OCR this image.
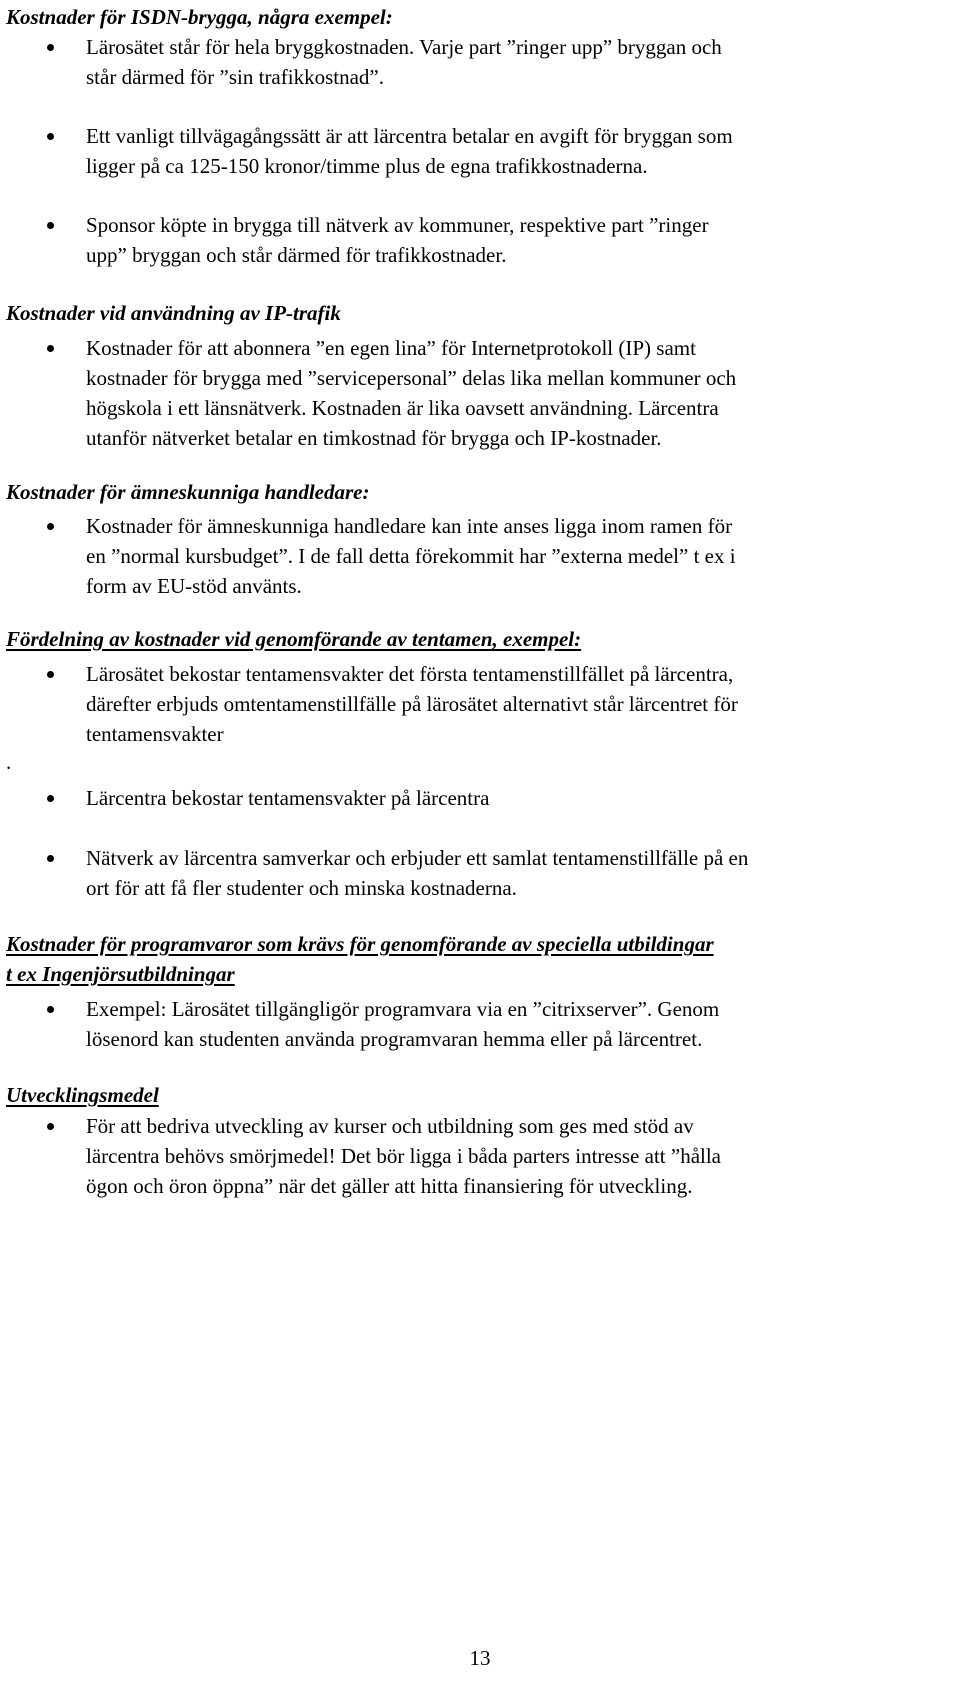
Kostnader för ISDN-brygga, några exempel:

Lärosätet står för hela bryggkostnaden. Varje part ”ringer upp” bryggan och
står därmed för ”sin trafikkostnad”.

Ett vanligt tillvägagångssätt är att lärcentra betalar en avgift för bryggan som
ligger på ca 125-150 kronor/timme plus de egna trafikkostnaderna.

Sponsor köpte in brygga till nätverk av kommuner, respektive part ”ringer
upp” bryggan och står därmed för trafikkostnader.

Kostnader vid användning av IP-trafik

Kostnader för att abonnera ”en egen lina” för Internetprotokoll (IP) samt
kostnader för brygga med ”servicepersonal” delas lika mellan kommuner och
högskola i ett länsnätverk. Kostnaden är lika oavsett användning. Lärcentra
utanför nätverket betalar en timkostnad för brygga och IP-kostnader.

Kostnader för ämneskunniga handledare:

Kostnader för ämneskunniga handledare kan inte anses ligga inom ramen för
en ”normal kursbudget”. I de fall detta förekommit har ”externa medel” t ex i
form av EU-stöd använts.

Fördelning av kostnader vid genomförande av tentamen, exempel:

Lärosätet bekostar tentamensvakter det första tentamenstillfället på lärcentra,
därefter erbjuds omtentamenstillfälle på lärosätet alternativt står lärcentret för
tentamensvakter

.

Lärcentra bekostar tentamensvakter på lärcentra

Nätverk av lärcentra samverkar och erbjuder ett samlat tentamenstillfälle på en
ort för att få fler studenter och minska kostnaderna.

Kostnader för programvaror som krävs för genomförande av speciella utbildingar
t ex Ingenjörsutbildningar

Exempel: Lärosätet tillgängligör programvara via en ”citrixserver”. Genom
lösenord kan studenten använda programvaran hemma eller på lärcentret.

Utvecklingsmedel

För att bedriva utveckling av kurser och utbildning som ges med stöd av
lärcentra behövs smörjmedel! Det bör ligga i båda parters intresse att ”hålla
ögon och öron öppna” när det gäller att hitta finansiering för utveckling.

13
